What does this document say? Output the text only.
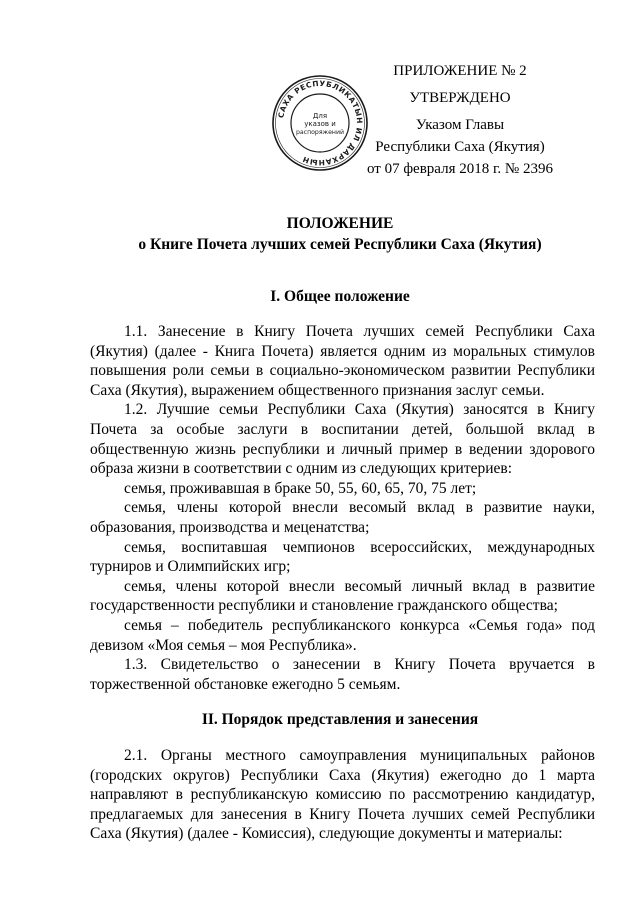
САХА РЕСПУБЛИКАТЫН ИЛ ДАРХАНЫН
Для
указов и
распоряжений
ПРИЛОЖЕНИЕ № 2
УТВЕРЖДЕНО
Указом Главы
Республики Саха (Якутия)
от 07 февраля 2018 г. № 2396
ПОЛОЖЕНИЕ
о Книге Почета лучших семей Республики Саха (Якутия)
I. Общее положение

1.1. Занесение в Книгу Почета лучших семей Республики Саха (Якутия) (далее - Книга Почета) является одним из моральных стимулов повышения роли семьи в социально-экономическом развитии Республики Саха (Якутия), выражением общественного признания заслуг семьи.

1.2. Лучшие семьи Республики Саха (Якутия) заносятся в Книгу Почета за особые заслуги в воспитании детей, большой вклад в общественную жизнь республики и личный пример в ведении здорового образа жизни в соответствии с одним из следующих критериев:

семья, проживавшая в браке 50, 55, 60, 65, 70, 75 лет;

семья, члены которой внесли весомый вклад в развитие науки, образования, производства и меценатства;

семья, воспитавшая чемпионов всероссийских, международных турниров и Олимпийских игр;

семья, члены которой внесли весомый личный вклад в развитие государственности республики и становление гражданского общества;

семья – победитель республиканского конкурса «Семья года» под девизом «Моя семья – моя Республика».

1.3. Свидетельство о занесении в Книгу Почета вручается в торжественной обстановке ежегодно 5 семьям.

II. Порядок представления и занесения

2.1. Органы местного самоуправления муниципальных районов (городских округов) Республики Саха (Якутия) ежегодно до 1 марта направляют в республиканскую комиссию по рассмотрению кандидатур, предлагаемых для занесения в Книгу Почета лучших семей Республики Саха (Якутия) (далее - Комиссия), следующие документы и материалы:
